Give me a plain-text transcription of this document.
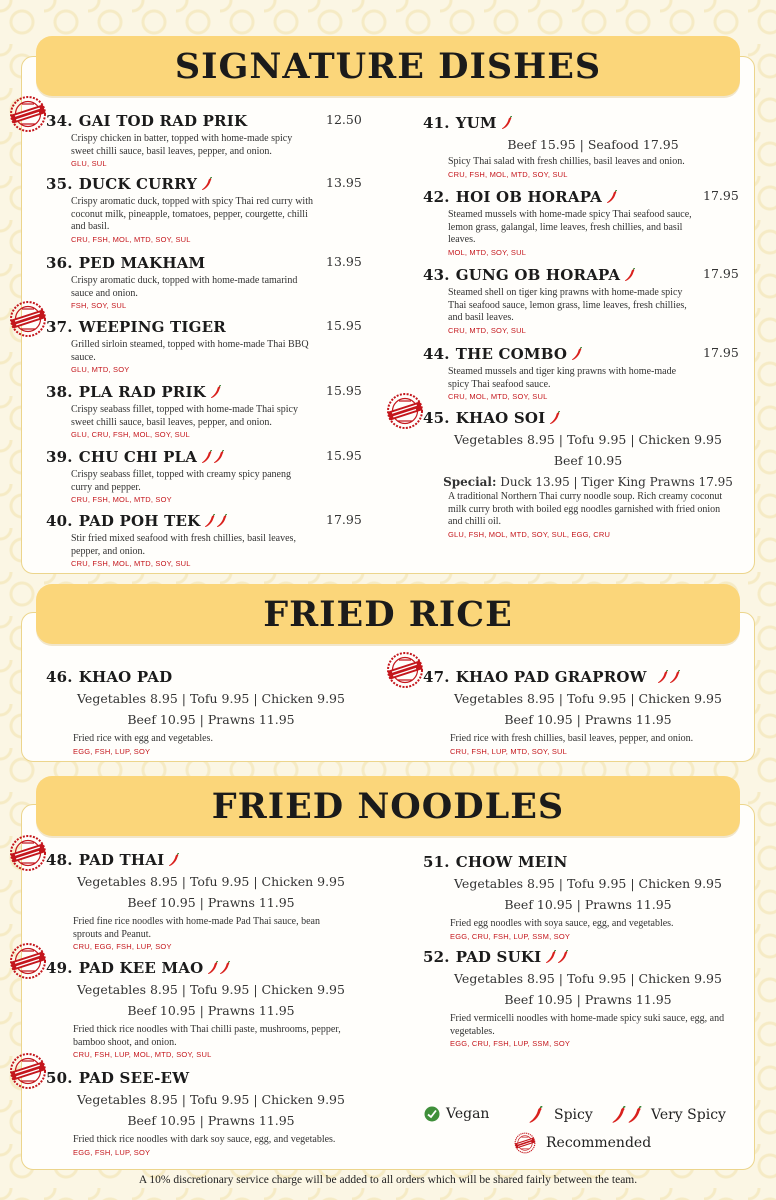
SIGNATURE DISHES
34. GAI TOD RAD PRIK	12.50
Crispy chicken in batter, topped with home-made spicy sweet chilli sauce, basil leaves, pepper, and onion.
GLU, SUL
35. DUCK CURRY	13.95
Crispy aromatic duck, topped with spicy Thai red curry with coconut milk, pineapple, tomatoes, pepper, courgette, chilli and basil.
CRU, FSH, MOL, MTD, SOY, SUL
36. PED MAKHAM	13.95
Crispy aromatic duck, topped with home-made tamarind sauce and onion.
FSH, SOY, SUL
37. WEEPING TIGER	15.95
Grilled sirloin steamed, topped with home-made Thai BBQ sauce.
GLU, MTD, SOY
38. PLA RAD PRIK	15.95
Crispy seabass fillet, topped with home-made Thai spicy sweet chilli sauce, basil leaves, pepper, and onion.
GLU, CRU, FSH, MOL, SOY, SUL
39. CHU CHI PLA	15.95
Crispy seabass fillet, topped with creamy spicy paneng curry and pepper.
CRU, FSH, MOL, MTD, SOY
40. PAD POH TEK	17.95
Stir fried mixed seafood with fresh chillies, basil leaves, pepper, and onion.
CRU, FSH, MOL, MTD, SOY, SUL
41. YUM
Beef 15.95 | Seafood 17.95
Spicy Thai salad with fresh chillies, basil leaves and onion.
CRU, FSH, MOL, MTD, SOY, SUL
42. HOI OB HORAPA	17.95
Steamed mussels with home-made spicy Thai seafood sauce, lemon grass, galangal, lime leaves, fresh chillies, and basil leaves.
MOL, MTD, SOY, SUL
43. GUNG OB HORAPA	17.95
Steamed shell on tiger king prawns with home-made spicy Thai seafood sauce, lemon grass, lime leaves, fresh chillies, and basil leaves.
CRU, MTD, SOY, SUL
44. THE COMBO	17.95
Steamed mussels and tiger king prawns with home-made spicy Thai seafood sauce.
CRU, MOL, MTD, SOY, SUL
45. KHAO SOI
Vegetables 8.95 | Tofu 9.95 | Chicken 9.95
Beef 10.95
Special: Duck 13.95 | Tiger King Prawns 17.95
A traditional Northern Thai curry noodle soup. Rich creamy coconut milk curry broth with boiled egg noodles garnished with fried onion and chilli oil.
GLU, FSH, MOL, MTD, SOY, SUL, EGG, CRU
FRIED RICE
46. KHAO PAD
Vegetables 8.95 | Tofu 9.95 | Chicken 9.95
Beef 10.95 | Prawns 11.95
Fried rice with egg and vegetables.
EGG, FSH, LUP, SOY
47. KHAO PAD GRAPROW
Vegetables 8.95 | Tofu 9.95 | Chicken 9.95
Beef 10.95 | Prawns 11.95
Fried rice with fresh chillies, basil leaves, pepper, and onion.
CRU, FSH, LUP, MTD, SOY, SUL
FRIED NOODLES
48. PAD THAI
Vegetables 8.95 | Tofu 9.95 | Chicken 9.95
Beef 10.95 | Prawns 11.95
Fried fine rice noodles with home-made Pad Thai sauce, bean sprouts and Peanut.
CRU, EGG, FSH, LUP, SOY
49. PAD KEE MAO
Vegetables 8.95 | Tofu 9.95 | Chicken 9.95
Beef 10.95 | Prawns 11.95
Fried thick rice noodles with Thai chilli paste, mushrooms, pepper, bamboo shoot, and onion.
CRU, FSH, LUP, MOL, MTD, SOY, SUL
50. PAD SEE-EW
Vegetables 8.95 | Tofu 9.95 | Chicken 9.95
Beef 10.95 | Prawns 11.95
Fried thick rice noodles with dark soy sauce, egg, and vegetables.
EGG, FSH, LUP, SOY
51. CHOW MEIN
Vegetables 8.95 | Tofu 9.95 | Chicken 9.95
Beef 10.95 | Prawns 11.95
Fried egg noodles with soya sauce, egg, and vegetables.
EGG, CRU, FSH, LUP, SSM, SOY
52. PAD SUKI
Vegetables 8.95 | Tofu 9.95 | Chicken 9.95
Beef 10.95 | Prawns 11.95
Fried vermicelli noodles with home-made spicy suki sauce, egg, and vegetables.
EGG, CRU, FSH, LUP, SSM, SOY
Vegan	Spicy	Very Spicy
Recommended
A 10% discretionary service charge will be added to all orders which will be shared fairly between the team.
